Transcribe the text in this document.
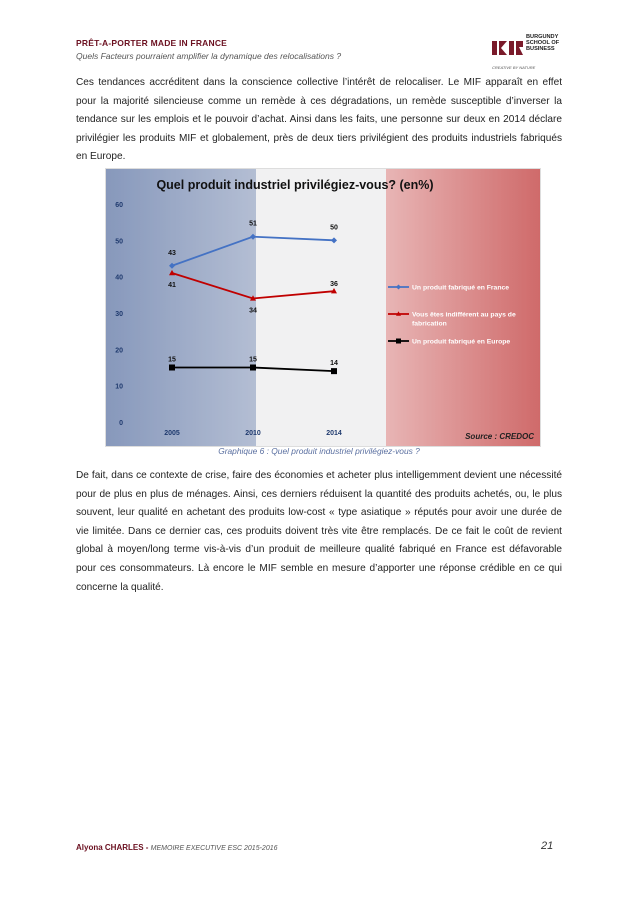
PRÊT-A-PORTER MADE IN FRANCE
Quels Facteurs pourraient amplifier la dynamique des relocalisations ?
BURGUNDY
SCHOOL OF
BUSINESS
CREATIVE BY NATURE
Ces tendances accréditent dans la conscience collective l’intérêt de relocaliser. Le MIF apparaît en effet pour la majorité silencieuse comme un remède à ces dégradations, un remède susceptible d’inverser la tendance sur les emplois et le pouvoir d’achat. Ainsi dans les faits, une personne sur deux en 2014 déclare privilégier les produits MIF et globalement, près de deux tiers privilégient des produits industriels fabriqués en Europe.
Quel produit industriel privilégiez-vous? (en%)
0
10
20
30
40
50
60
2005	2010	2014
43
51
50
41
34
36
15	15
14
Un produit fabriqué en France
Vous êtes indifférent au pays de fabrication
Un produit fabriqué en Europe
Source : CREDOC
Graphique 6 : Quel produit industriel privilégiez-vous ?
De fait, dans ce contexte de crise, faire des économies et acheter plus intelligemment devient une nécessité pour de plus en plus de ménages. Ainsi, ces derniers réduisent la quantité des produits achetés, ou, le plus souvent, leur qualité en achetant des produits low-cost « type asiatique » réputés pour avoir une durée de vie limitée. Dans ce dernier cas, ces produits doivent très vite être remplacés. De ce fait le coût de revient global à moyen/long terme vis-à-vis d’un produit de meilleure qualité fabriqué en France est défavorable pour ces consommateurs. Là encore le MIF semble en mesure d’apporter une réponse crédible en ce qui concerne la qualité.
Alyona CHARLES - MEMOIRE EXECUTIVE ESC 2015-2016	21
